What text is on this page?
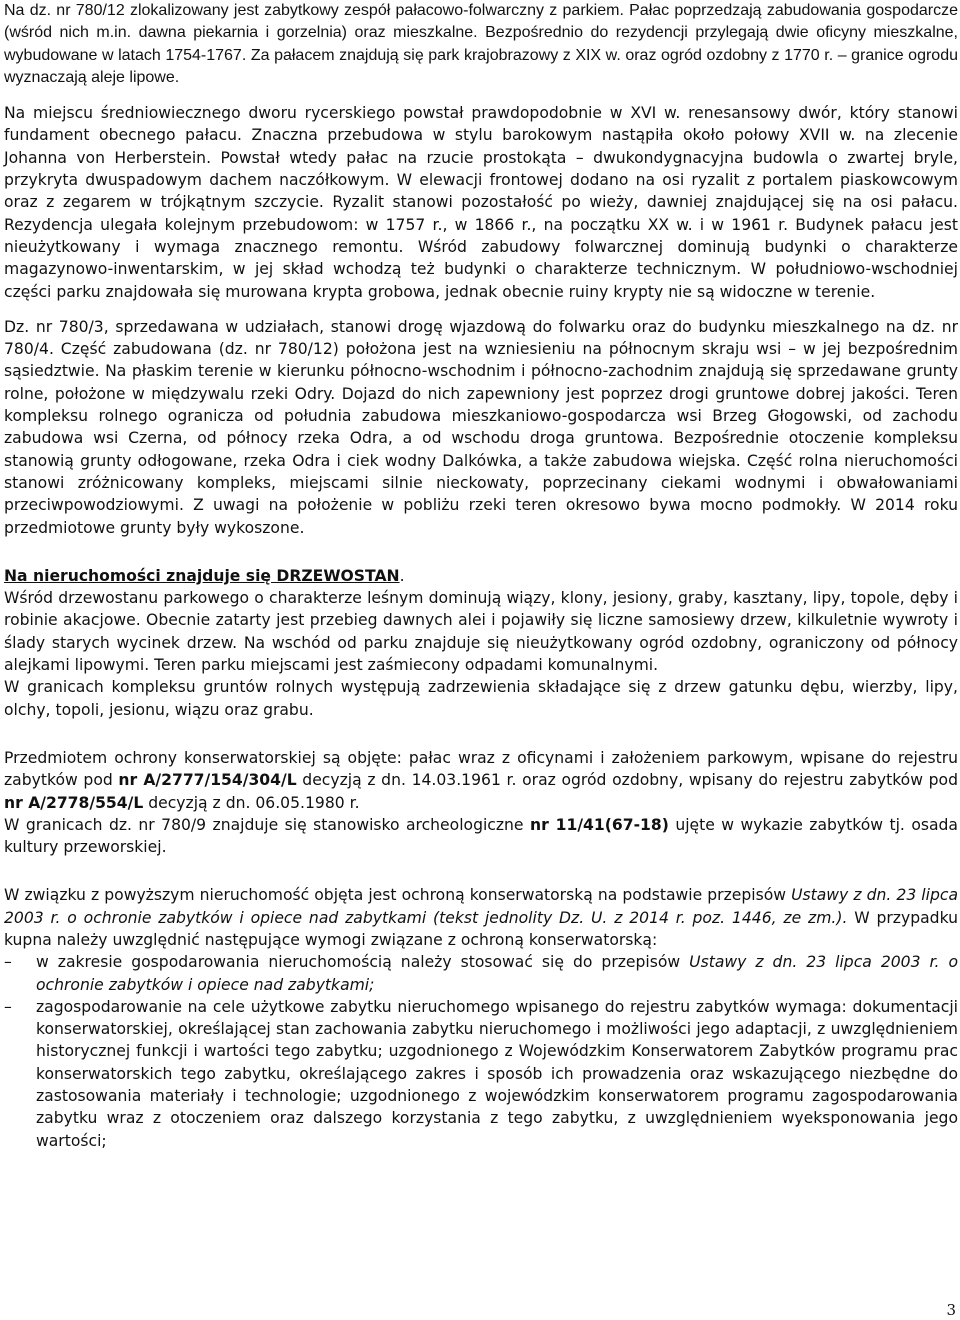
Na dz. nr 780/12 zlokalizowany jest zabytkowy zespół pałacowo-folwarczny z parkiem. Pałac poprzedzają zabudowania gospodarcze (wśród nich m.in. dawna piekarnia i gorzelnia) oraz mieszkalne. Bezpośrednio do rezydencji przylegają dwie oficyny mieszkalne, wybudowane w latach 1754-1767. Za pałacem znajdują się park krajobrazowy z XIX w. oraz ogród ozdobny z 1770 r. – granice ogrodu wyznaczają aleje lipowe.

Na miejscu średniowiecznego dworu rycerskiego powstał prawdopodobnie w XVI w. renesansowy dwór, który stanowi fundament obecnego pałacu. Znaczna przebudowa w stylu barokowym nastąpiła około połowy XVII w. na zlecenie Johanna von Herberstein. Powstał wtedy pałac na rzucie prostokąta – dwukondygnacyjna budowla o zwartej bryle, przykryta dwuspadowym dachem naczółkowym. W elewacji frontowej dodano na osi ryzalit z portalem piaskowcowym oraz z zegarem w trójkątnym szczycie. Ryzalit stanowi pozostałość po wieży, dawniej znajdującej się na osi pałacu. Rezydencja ulegała kolejnym przebudowom: w 1757 r., w 1866 r., na początku XX w. i w 1961 r. Budynek pałacu jest nieużytkowany i wymaga znacznego remontu. Wśród zabudowy folwarcznej dominują budynki o charakterze magazynowo-inwentarskim, w jej skład wchodzą też budynki o charakterze technicznym. W południowo-wschodniej części parku znajdowała się murowana krypta grobowa, jednak obecnie ruiny krypty nie są widoczne w terenie.

Dz. nr 780/3, sprzedawana w udziałach, stanowi drogę wjazdową do folwarku oraz do budynku mieszkalnego na dz. nr 780/4. Część zabudowana (dz. nr 780/12) położona jest na wzniesieniu na północnym skraju wsi – w jej bezpośrednim sąsiedztwie. Na płaskim terenie w kierunku północno-wschodnim i północno-zachodnim znajdują się sprzedawane grunty rolne, położone w międzywalu rzeki Odry. Dojazd do nich zapewniony jest poprzez drogi gruntowe dobrej jakości. Teren kompleksu rolnego ogranicza od południa zabudowa mieszkaniowo-gospodarcza wsi Brzeg Głogowski, od zachodu zabudowa wsi Czerna, od północy rzeka Odra, a od wschodu droga gruntowa. Bezpośrednie otoczenie kompleksu stanowią grunty odłogowane, rzeka Odra i ciek wodny Dalkówka, a także zabudowa wiejska. Część rolna nieruchomości stanowi zróżnicowany kompleks, miejscami silnie nieckowaty, poprzecinany ciekami wodnymi i obwałowaniami przeciwpowodziowymi. Z uwagi na położenie w pobliżu rzeki teren okresowo bywa mocno podmokły. W 2014 roku przedmiotowe grunty były wykoszone.

Na nieruchomości znajduje się DRZEWOSTAN.

Wśród drzewostanu parkowego o charakterze leśnym dominują wiązy, klony, jesiony, graby, kasztany, lipy, topole, dęby i robinie akacjowe. Obecnie zatarty jest przebieg dawnych alei i pojawiły się liczne samosiewy drzew, kilkuletnie wywroty i ślady starych wycinek drzew. Na wschód od parku znajduje się nieużytkowany ogród ozdobny, ograniczony od północy alejkami lipowymi. Teren parku miejscami jest zaśmiecony odpadami komunalnymi.

W granicach kompleksu gruntów rolnych występują zadrzewienia składające się z drzew gatunku dębu, wierzby, lipy, olchy, topoli, jesionu, wiązu oraz grabu.

Przedmiotem ochrony konserwatorskiej są objęte: pałac wraz z oficynami i założeniem parkowym, wpisane do rejestru zabytków pod nr A/2777/154/304/L decyzją z dn. 14.03.1961 r. oraz ogród ozdobny, wpisany do rejestru zabytków pod nr A/2778/554/L decyzją z dn. 06.05.1980 r.

W granicach dz. nr 780/9 znajduje się stanowisko archeologiczne nr 11/41(67-18) ujęte w wykazie zabytków tj. osada kultury przeworskiej.

W związku z powyższym nieruchomość objęta jest ochroną konserwatorską na podstawie przepisów Ustawy z dn. 23 lipca 2003 r. o ochronie zabytków i opiece nad zabytkami (tekst jednolity Dz. U. z 2014 r. poz. 1446, ze zm.). W przypadku kupna należy uwzględnić następujące wymogi związane z ochroną konserwatorską:

– w zakresie gospodarowania nieruchomością należy stosować się do przepisów Ustawy z dn. 23 lipca 2003 r. o ochronie zabytków i opiece nad zabytkami;
– zagospodarowanie na cele użytkowe zabytku nieruchomego wpisanego do rejestru zabytków wymaga: dokumentacji konserwatorskiej, określającej stan zachowania zabytku nieruchomego i możliwości jego adaptacji, z uwzględnieniem historycznej funkcji i wartości tego zabytku; uzgodnionego z Wojewódzkim Konserwatorem Zabytków programu prac konserwatorskich tego zabytku, określającego zakres i sposób ich prowadzenia oraz wskazującego niezbędne do zastosowania materiały i technologie; uzgodnionego z wojewódzkim konserwatorem programu zagospodarowania zabytku wraz z otoczeniem oraz dalszego korzystania z tego zabytku, z uwzględnieniem wyeksponowania jego wartości;
3
